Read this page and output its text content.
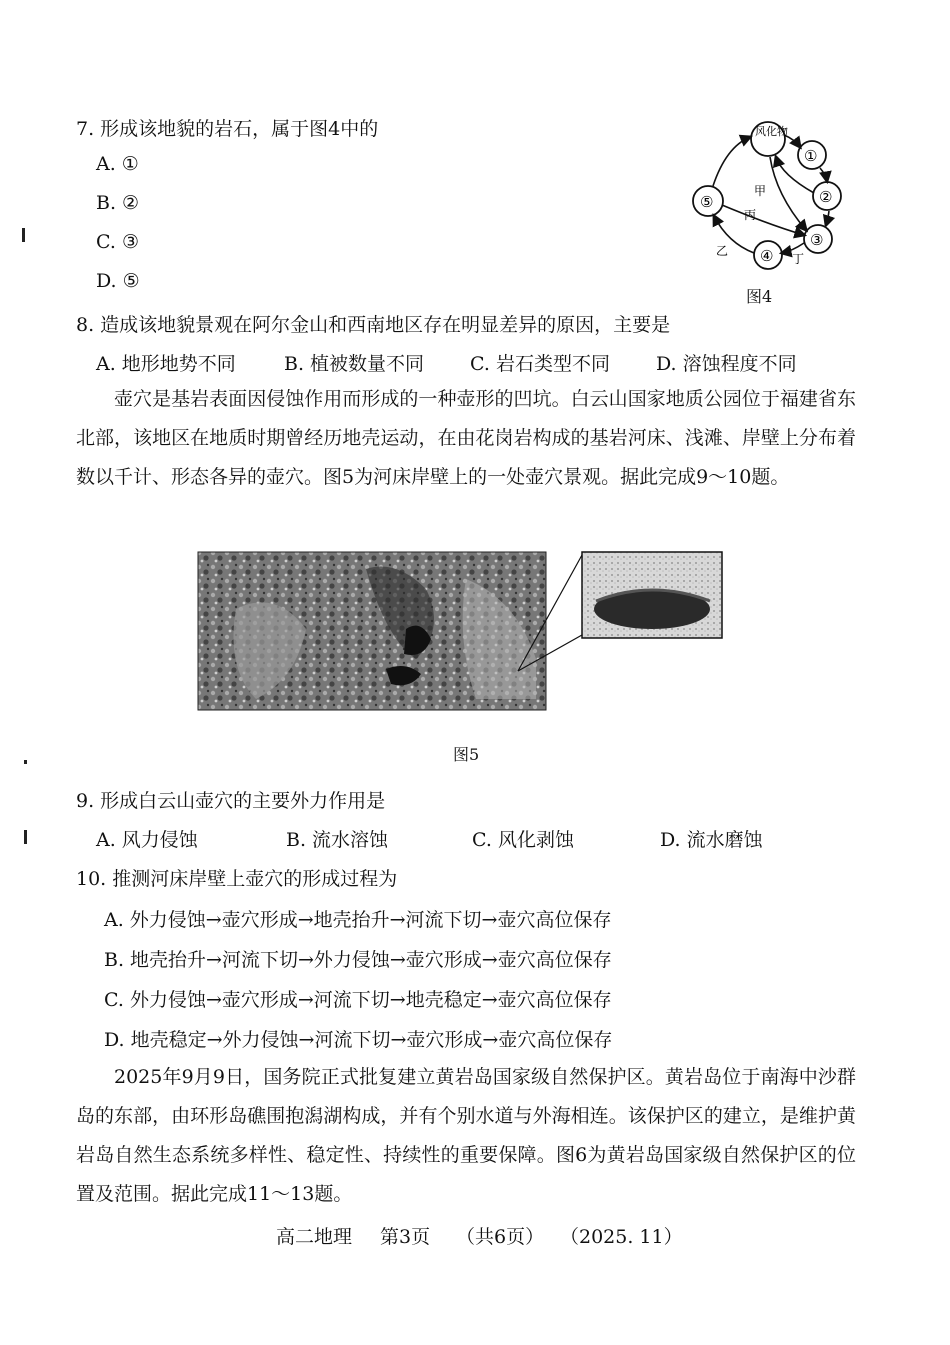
7. 形成该地貌的岩石，属于图4中的
A. ①
B. ②
C. ③
D. ⑤
风化物
①
②
③
④
⑤
甲
丙
乙
丁
图4
8. 造成该地貌景观在阿尔金山和西南地区存在明显差异的原因，主要是
A. 地形地势不同	B. 植被数量不同 C. 岩石类型不同 D. 溶蚀程度不同
壶穴是基岩表面因侵蚀作用而形成的一种壶形的凹坑。白云山国家地质公园位于福建省东北部，该地区在地质时期曾经历地壳运动，在由花岗岩构成的基岩河床、浅滩、岸壁上分布着数以千计、形态各异的壶穴。图5为河床岸壁上的一处壶穴景观。据此完成9～10题。
图5
9. 形成白云山壶穴的主要外力作用是
A. 风力侵蚀	B. 流水溶蚀	C. 风化剥蚀	D. 流水磨蚀
10. 推测河床岸壁上壶穴的形成过程为
A. 外力侵蚀→壶穴形成→地壳抬升→河流下切→壶穴高位保存
B. 地壳抬升→河流下切→外力侵蚀→壶穴形成→壶穴高位保存
C. 外力侵蚀→壶穴形成→河流下切→地壳稳定→壶穴高位保存
D. 地壳稳定→外力侵蚀→河流下切→壶穴形成→壶穴高位保存
2025年9月9日，国务院正式批复建立黄岩岛国家级自然保护区。黄岩岛位于南海中沙群岛的东部，由环形岛礁围抱潟湖构成，并有个别水道与外海相连。该保护区的建立，是维护黄岩岛自然生态系统多样性、稳定性、持续性的重要保障。图6为黄岩岛国家级自然保护区的位置及范围。据此完成11～13题。
高二地理 第3页 （共6页） （2025. 11）
